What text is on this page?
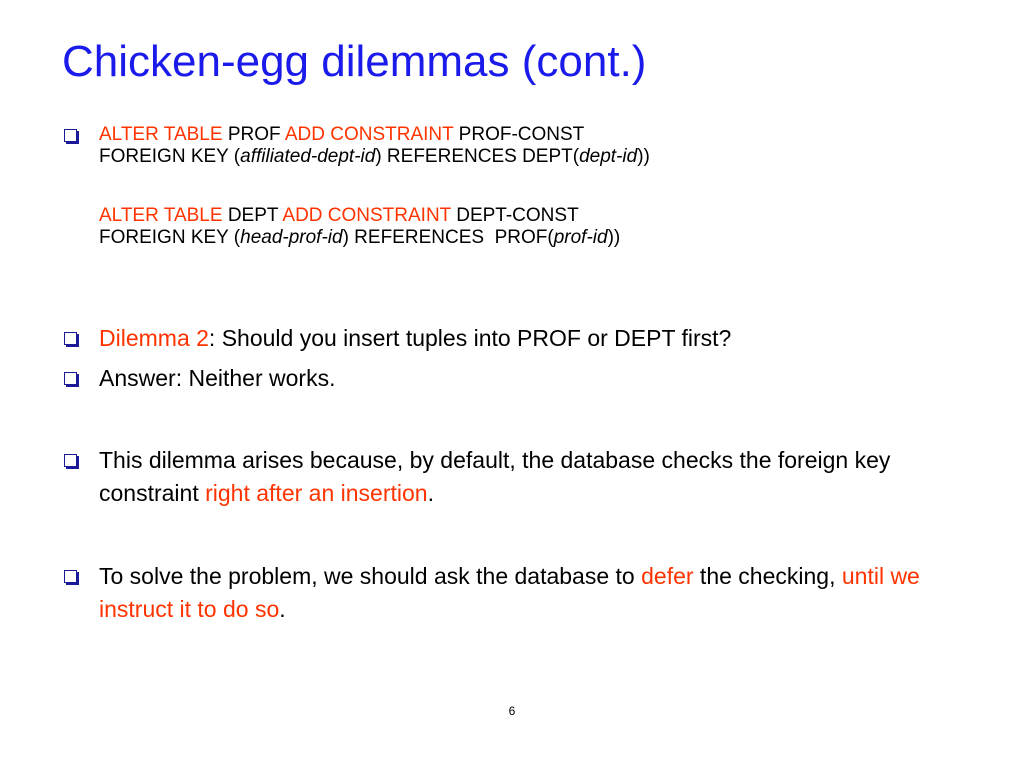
Chicken-egg dilemmas (cont.)
ALTER TABLE PROF ADD CONSTRAINT PROF-CONST
FOREIGN KEY (affiliated-dept-id) REFERENCES DEPT(dept-id))
ALTER TABLE DEPT ADD CONSTRAINT DEPT-CONST
FOREIGN KEY (head-prof-id) REFERENCES  PROF(prof-id))
Dilemma 2: Should you insert tuples into PROF or DEPT first?
Answer: Neither works.
This dilemma arises because, by default, the database checks the foreign key constraint right after an insertion.
To solve the problem, we should ask the database to defer the checking, until we instruct it to do so.
6
